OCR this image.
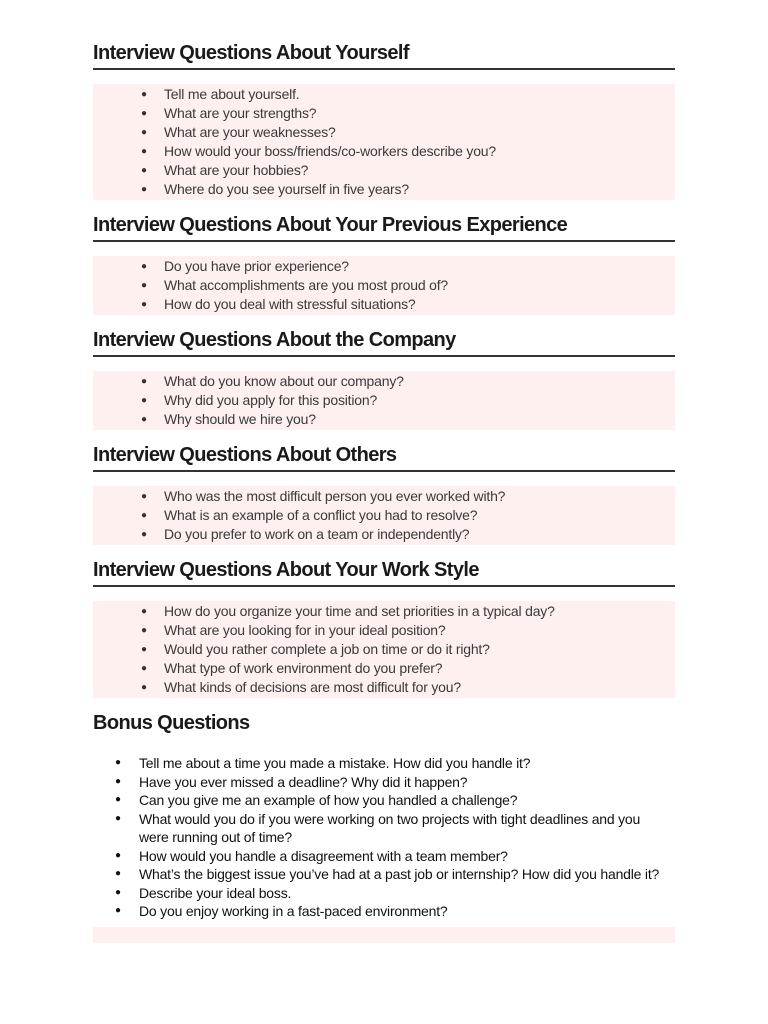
Interview Questions About Yourself
● Tell me about yourself.
● What are your strengths?
● What are your weaknesses?
● How would your boss/friends/co-workers describe you?
● What are your hobbies?
● Where do you see yourself in five years?
Interview Questions About Your Previous Experience
● Do you have prior experience?
● What accomplishments are you most proud of?
● How do you deal with stressful situations?
Interview Questions About the Company
● What do you know about our company?
● Why did you apply for this position?
● Why should we hire you?
Interview Questions About Others
● Who was the most difficult person you ever worked with?
● What is an example of a conflict you had to resolve?
● Do you prefer to work on a team or independently?
Interview Questions About Your Work Style
● How do you organize your time and set priorities in a typical day?
● What are you looking for in your ideal position?
● Would you rather complete a job on time or do it right?
● What type of work environment do you prefer?
● What kinds of decisions are most difficult for you?
Bonus Questions
● Tell me about a time you made a mistake. How did you handle it?
● Have you ever missed a deadline? Why did it happen?
● Can you give me an example of how you handled a challenge?
● What would you do if you were working on two projects with tight deadlines and you were running out of time?
● How would you handle a disagreement with a team member?
● What’s the biggest issue you’ve had at a past job or internship? How did you handle it?
● Describe your ideal boss.
● Do you enjoy working in a fast-paced environment?
